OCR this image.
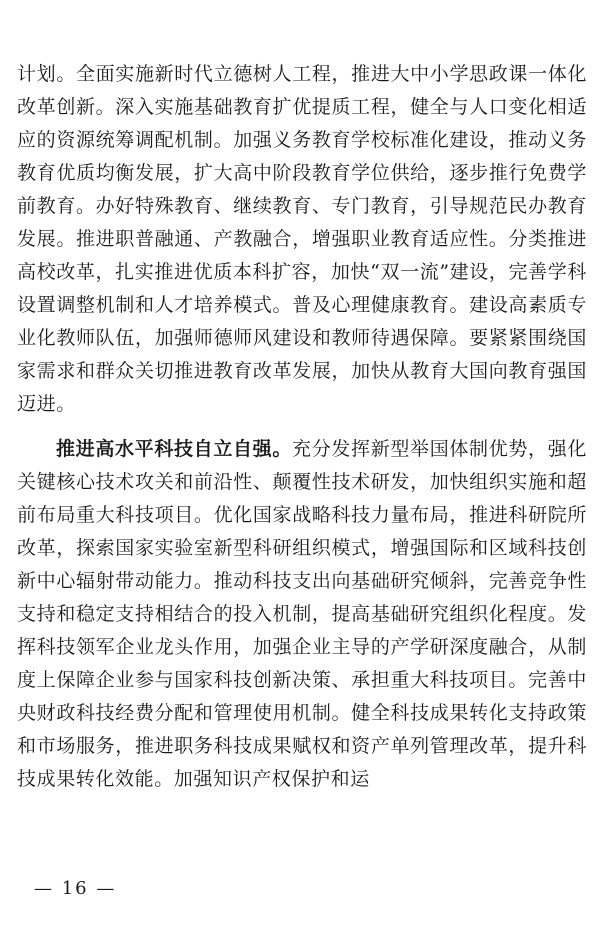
计划。全面实施新时代立德树人工程，推进大中小学思政课一体化改革创新。深入实施基础教育扩优提质工程，健全与人口变化相适应的资源统筹调配机制。加强义务教育学校标准化建设，推动义务教育优质均衡发展，扩大高中阶段教育学位供给，逐步推行免费学前教育。办好特殊教育、继续教育、专门教育，引导规范民办教育发展。推进职普融通、产教融合，增强职业教育适应性。分类推进高校改革，扎实推进优质本科扩容，加快“双一流”建设，完善学科设置调整机制和人才培养模式。普及心理健康教育。建设高素质专业化教师队伍，加强师德师风建设和教师待遇保障。要紧紧围绕国家需求和群众关切推进教育改革发展，加快从教育大国向教育强国迈进。

推进高水平科技自立自强。充分发挥新型举国体制优势，强化关键核心技术攻关和前沿性、颠覆性技术研发，加快组织实施和超前布局重大科技项目。优化国家战略科技力量布局，推进科研院所改革，探索国家实验室新型科研组织模式，增强国际和区域科技创新中心辐射带动能力。推动科技支出向基础研究倾斜，完善竞争性支持和稳定支持相结合的投入机制，提高基础研究组织化程度。发挥科技领军企业龙头作用，加强企业主导的产学研深度融合，从制度上保障企业参与国家科技创新决策、承担重大科技项目。完善中央财政科技经费分配和管理使用机制。健全科技成果转化支持政策和市场服务，推进职务科技成果赋权和资产单列管理改革，提升科技成果转化效能。加强知识产权保护和运

— 16 —
